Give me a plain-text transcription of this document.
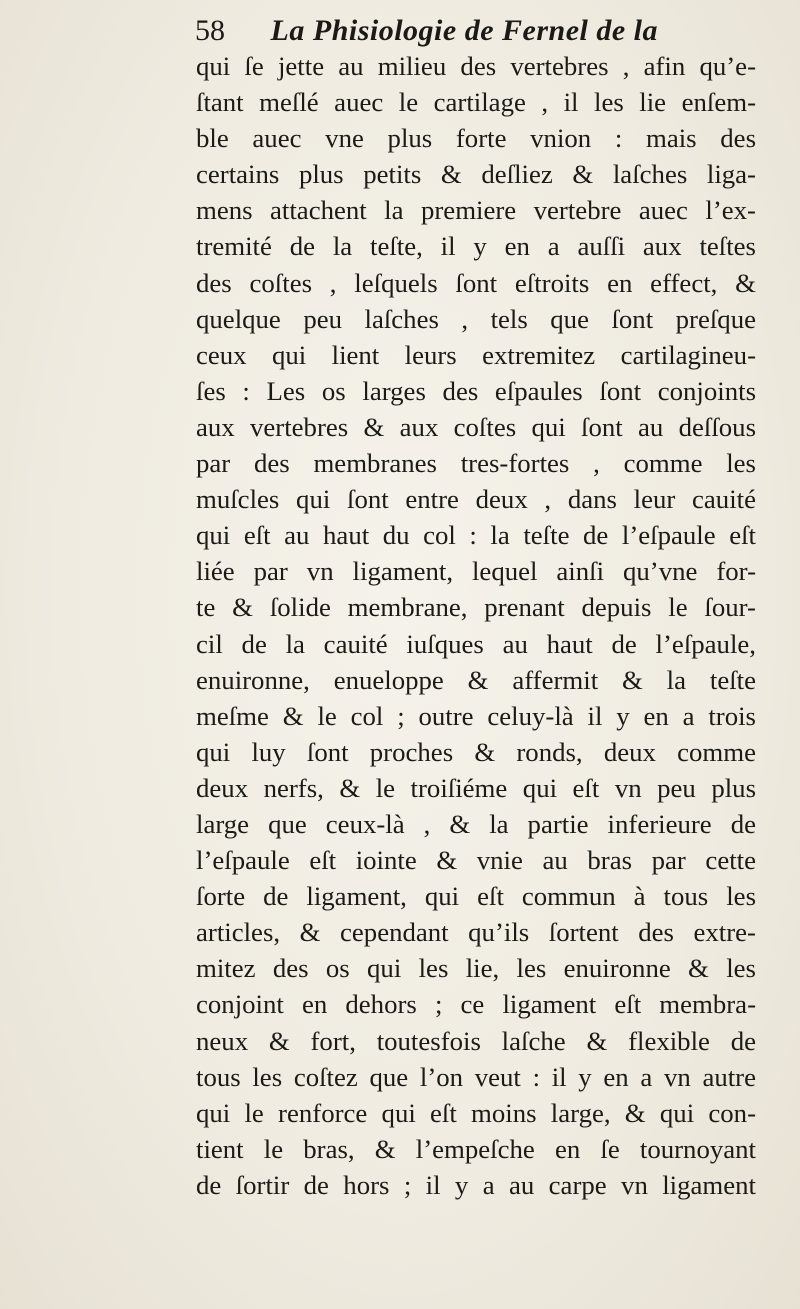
58 La Phisiologie de Fernel de la
qui ſe jette au milieu des vertebres , afin qu’e-
ſtant meſlé auec le cartilage , il les lie enſem-
ble auec vne plus forte vnion : mais des
certains plus petits & deſliez & laſches liga-
mens attachent la premiere vertebre auec l’ex-
tremité de la teſte, il y en a auſſi aux teſtes
des coſtes , leſquels ſont eſtroits en effect, &
quelque peu laſches , tels que ſont preſque
ceux qui lient leurs extremitez cartilagineu-
ſes : Les os larges des eſpaules ſont conjoints
aux vertebres & aux coſtes qui ſont au deſſous
par des membranes tres-fortes , comme les
muſcles qui ſont entre deux , dans leur cauité
qui eſt au haut du col : la teſte de l’eſpaule eſt
liée par vn ligament, lequel ainſi qu’vne for-
te & ſolide membrane, prenant depuis le ſour-
cil de la cauité iuſques au haut de l’eſpaule,
enuironne, enueloppe & affermit & la teſte
meſme & le col ; outre celuy-là il y en a trois
qui luy ſont proches & ronds, deux comme
deux nerfs, & le troiſiéme qui eſt vn peu plus
large que ceux-là , & la partie inferieure de
l’eſpaule eſt iointe & vnie au bras par cette
ſorte de ligament, qui eſt commun à tous les
articles, & cependant qu’ils ſortent des extre-
mitez des os qui les lie, les enuironne & les
conjoint en dehors ; ce ligament eſt membra-
neux & fort, toutesfois laſche & flexible de
tous les coſtez que l’on veut : il y en a vn autre
qui le renforce qui eſt moins large, & qui con-
tient le bras, & l’empeſche en ſe tournoyant
de ſortir de hors ; il y a au carpe vn ligament
